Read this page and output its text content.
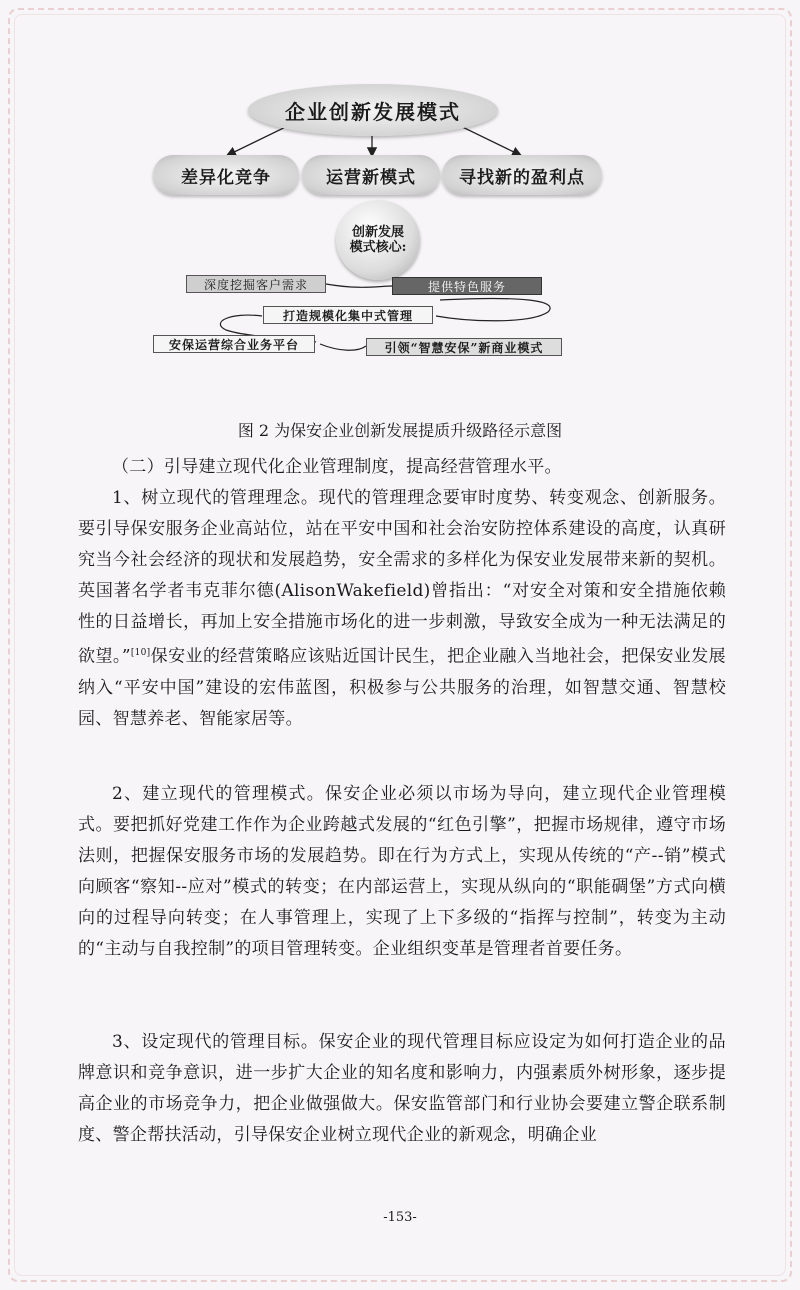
企业创新发展模式
差异化竞争	运营新模式	寻找新的盈利点
创新发展模式核心:
深度挖掘客户需求	提供特色服务
打造规模化集中式管理
安保运营综合业务平台	引领“智慧安保”新商业模式
图 2 为保安企业创新发展提质升级路径示意图
（二）引导建立现代化企业管理制度，提高经营管理水平。
1、树立现代的管理理念。现代的管理理念要审时度势、转变观念、创新服务。要引导保安服务企业高站位，站在平安中国和社会治安防控体系建设的高度，认真研究当今社会经济的现状和发展趋势，安全需求的多样化为保安业发展带来新的契机。英国著名学者韦克菲尔德(AlisonWakefield)曾指出：“对安全对策和安全措施依赖性的日益增长，再加上安全措施市场化的进一步刺激，导致安全成为一种无法满足的欲望。”[10]保安业的经营策略应该贴近国计民生，把企业融入当地社会，把保安业发展纳入“平安中国”建设的宏伟蓝图，积极参与公共服务的治理，如智慧交通、智慧校园、智慧养老、智能家居等。
2、建立现代的管理模式。保安企业必须以市场为导向，建立现代企业管理模式。要把抓好党建工作作为企业跨越式发展的“红色引擎”，把握市场规律，遵守市场法则，把握保安服务市场的发展趋势。即在行为方式上，实现从传统的“产--销”模式向顾客“察知--应对”模式的转变；在内部运营上，实现从纵向的“职能碉堡”方式向横向的过程导向转变；在人事管理上，实现了上下多级的“指挥与控制”，转变为主动的“主动与自我控制”的项目管理转变。企业组织变革是管理者首要任务。
3、设定现代的管理目标。保安企业的现代管理目标应设定为如何打造企业的品牌意识和竞争意识，进一步扩大企业的知名度和影响力，内强素质外树形象，逐步提高企业的市场竞争力，把企业做强做大。保安监管部门和行业协会要建立警企联系制度、警企帮扶活动，引导保安企业树立现代企业的新观念，明确企业
-153-
